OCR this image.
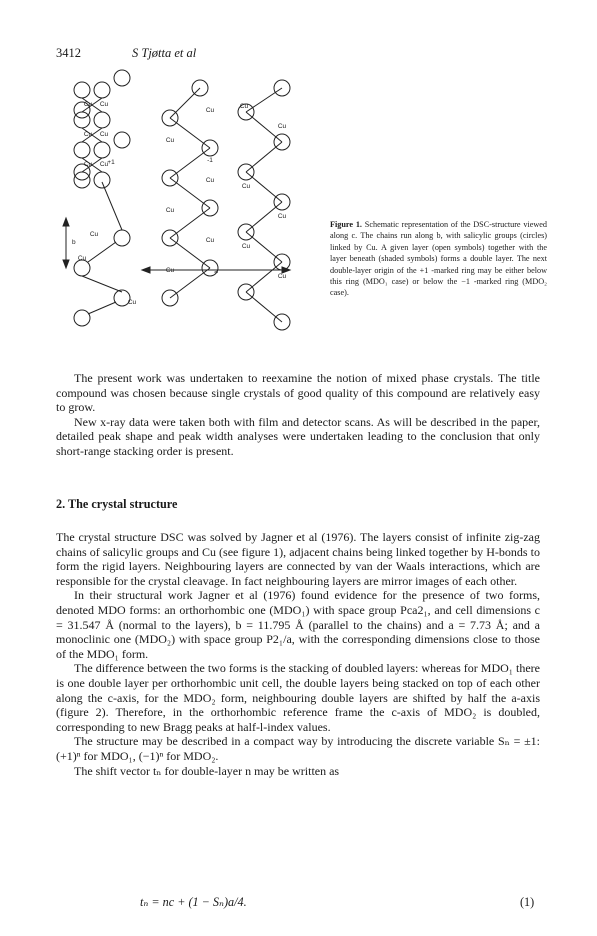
3412	S Tjøtta et al
Cu Cu
Cu Cu
Cu Cu +1
Cu
Cu
Cu
Cu
Cu
Cu
Cu
Cu
Cu
-1
Cu
Cu
Cu
Cu
Cu
Cu
b
a
Figure 1. Schematic representation of the DSC-structure viewed along c. The chains run along b, with salicylic groups (circles) linked by Cu. A given layer (open symbols) together with the layer beneath (shaded symbols) forms a double layer. The next double-layer origin of the +1 -marked ring may be either below this ring (MDO₁ case) or below the −1 -marked ring (MDO₂ case).

The present work was undertaken to reexamine the notion of mixed phase crystals. The title compound was chosen because single crystals of good quality of this compound are relatively easy to grow.

New x-ray data were taken both with film and detector scans. As will be described in the paper, detailed peak shape and peak width analyses were undertaken leading to the conclusion that only short-range stacking order is present.

2. The crystal structure

The crystal structure DSC was solved by Jagner et al (1976). The layers consist of infinite zig-zag chains of salicylic groups and Cu (see figure 1), adjacent chains being linked together by H-bonds to form the rigid layers. Neighbouring layers are connected by van der Waals interactions, which are responsible for the crystal cleavage. In fact neighbouring layers are mirror images of each other.

In their structural work Jagner et al (1976) found evidence for the presence of two forms, denoted MDO forms: an orthorhombic one (MDO₁) with space group Pca2₁, and cell dimensions c = 31.547 Å (normal to the layers), b = 11.795 Å (parallel to the chains) and a = 7.73 Å; and a monoclinic one (MDO₂) with space group P2₁/a, with the corresponding dimensions close to those of the MDO₁ form.

The difference between the two forms is the stacking of doubled layers: whereas for MDO₁ there is one double layer per orthorhombic unit cell, the double layers being stacked on top of each other along the c-axis, for the MDO₂ form, neighbouring double layers are shifted by half the a-axis (figure 2). Therefore, in the orthorhombic reference frame the c-axis of MDO₂ is doubled, corresponding to new Bragg peaks at half-l-index values.

The structure may be described in a compact way by introducing the discrete variable Sₙ = ±1: (+1)ⁿ for MDO₁, (−1)ⁿ for MDO₂.

The shift vector tₙ for double-layer n may be written as

tₙ = nc + (1 − Sₙ)a/4.	(1)
